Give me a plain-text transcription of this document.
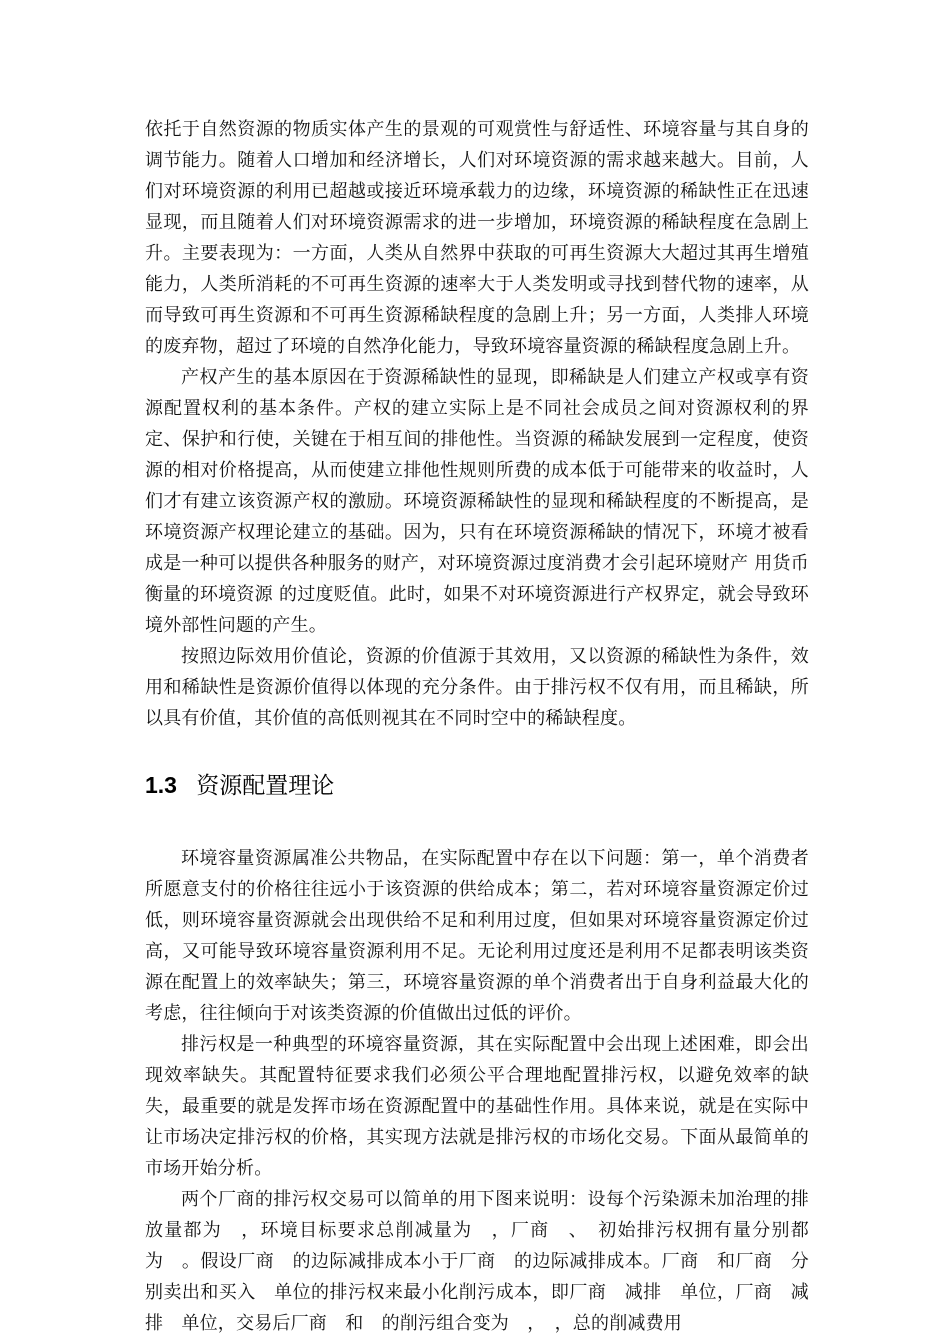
依托于自然资源的物质实体产生的景观的可观赏性与舒适性、环境容量与其自身的调节能力。随着人口增加和经济增长，人们对环境资源的需求越来越大。目前，人们对环境资源的利用已超越或接近环境承载力的边缘，环境资源的稀缺性正在迅速显现，而且随着人们对环境资源需求的进一步增加，环境资源的稀缺程度在急剧上升。主要表现为：一方面，人类从自然界中获取的可再生资源大大超过其再生增殖能力，人类所消耗的不可再生资源的速率大于人类发明或寻找到替代物的速率，从而导致可再生资源和不可再生资源稀缺程度的急剧上升；另一方面，人类排人环境的废弃物，超过了环境的自然净化能力，导致环境容量资源的稀缺程度急剧上升。

产权产生的基本原因在于资源稀缺性的显现，即稀缺是人们建立产权或享有资源配置权利的基本条件。产权的建立实际上是不同社会成员之间对资源权利的界定、保护和行使，关键在于相互间的排他性。当资源的稀缺发展到一定程度，使资源的相对价格提高，从而使建立排他性规则所费的成本低于可能带来的收益时，人们才有建立该资源产权的激励。环境资源稀缺性的显现和稀缺程度的不断提高，是环境资源产权理论建立的基础。因为，只有在环境资源稀缺的情况下，环境才被看成是一种可以提供各种服务的财产，对环境资源过度消费才会引起环境财产 用货币衡量的环境资源 的过度贬值。此时，如果不对环境资源进行产权界定，就会导致环境外部性问题的产生。

按照边际效用价值论，资源的价值源于其效用，又以资源的稀缺性为条件，效用和稀缺性是资源价值得以体现的充分条件。由于排污权不仅有用，而且稀缺，所以具有价值，其价值的高低则视其在不同时空中的稀缺程度。

1.3 资源配置理论

环境容量资源属准公共物品，在实际配置中存在以下问题：第一，单个消费者所愿意支付的价格往往远小于该资源的供给成本；第二，若对环境容量资源定价过低，则环境容量资源就会出现供给不足和利用过度，但如果对环境容量资源定价过高，又可能导致环境容量资源利用不足。无论利用过度还是利用不足都表明该类资源在配置上的效率缺失；第三，环境容量资源的单个消费者出于自身利益最大化的考虑，往往倾向于对该类资源的价值做出过低的评价。

排污权是一种典型的环境容量资源，其在实际配置中会出现上述困难，即会出现效率缺失。其配置特征要求我们必须公平合理地配置排污权，以避免效率的缺失，最重要的就是发挥市场在资源配置中的基础性作用。具体来说，就是在实际中让市场决定排污权的价格，其实现方法就是排污权的市场化交易。下面从最简单的市场开始分析。

两个厂商的排污权交易可以简单的用下图来说明：设每个污染源未加治理的排放量都为　，环境目标要求总削减量为　，厂商　、　初始排污权拥有量分别都为　。假设厂商　的边际减排成本小于厂商　的边际减排成本。厂商　和厂商　分别卖出和买入　单位的排污权来最小化削污成本，即厂商　减排　单位，厂商　减排　单位，交易后厂商　和　的削污组合变为　，　，总的削减费用
